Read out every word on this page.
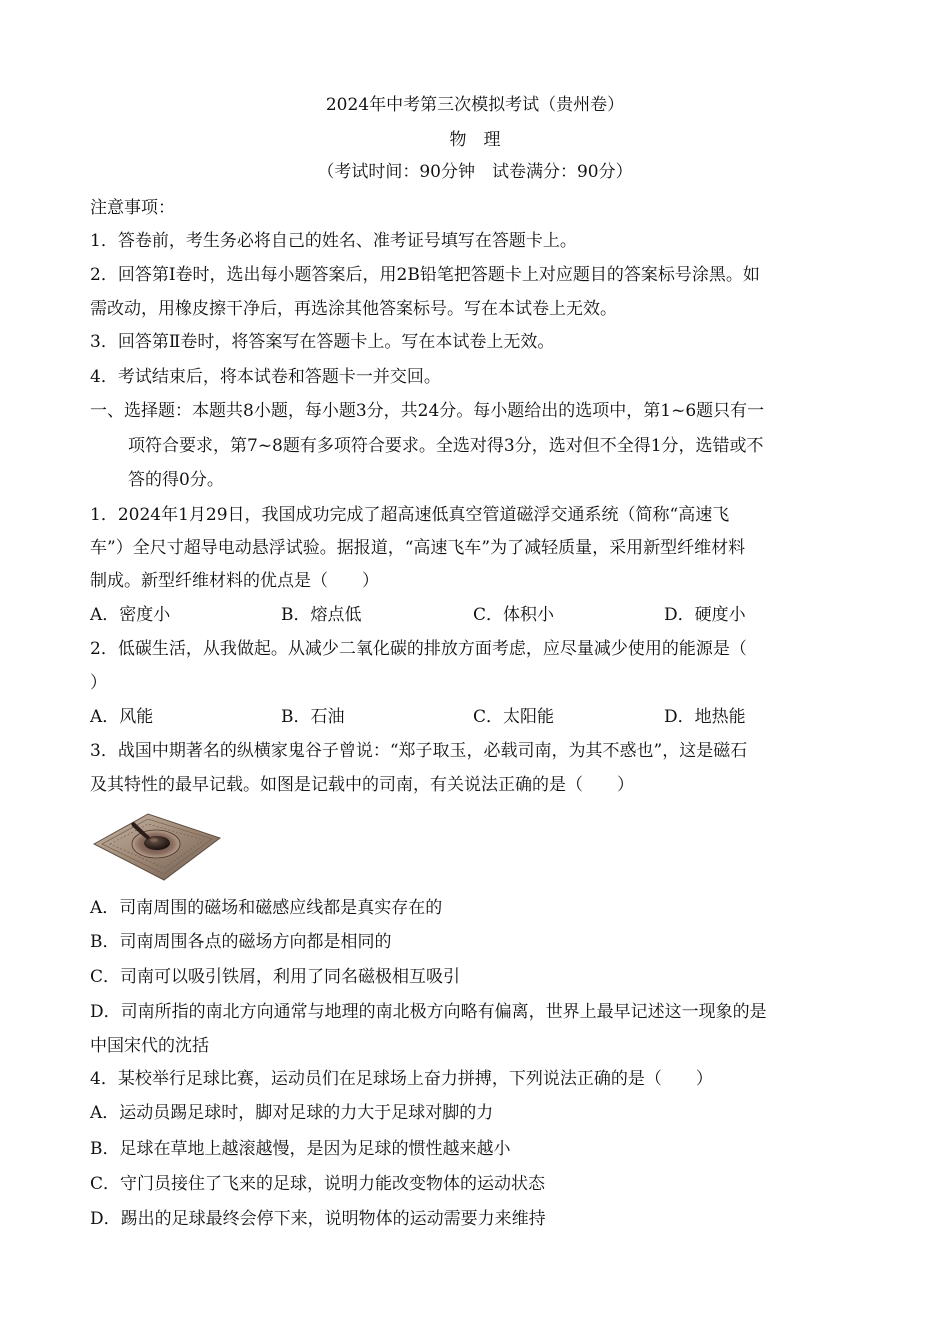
2024年中考第三次模拟考试（贵州卷）
物　理
（考试时间：90分钟　试卷满分：90分）
注意事项：
1．答卷前，考生务必将自己的姓名、准考证号填写在答题卡上。
2．回答第Ⅰ卷时，选出每小题答案后，用2B铅笔把答题卡上对应题目的答案标号涂黑。如
需改动，用橡皮擦干净后，再选涂其他答案标号。写在本试卷上无效。
3．回答第Ⅱ卷时，将答案写在答题卡上。写在本试卷上无效。
4．考试结束后，将本试卷和答题卡一并交回。
一、选择题：本题共8小题，每小题3分，共24分。每小题给出的选项中，第1~6题只有一
项符合要求，第7~8题有多项符合要求。全选对得3分，选对但不全得1分，选错或不
答的得0分。
1．2024年1月29日，我国成功完成了超高速低真空管道磁浮交通系统（简称“高速飞
车”）全尺寸超导电动悬浮试验。据报道，“高速飞车”为了减轻质量，采用新型纤维材料
制成。新型纤维材料的优点是（　　）
A．密度小	B．熔点低	C．体积小	D．硬度小
2．低碳生活，从我做起。从减少二氧化碳的排放方面考虑，应尽量减少使用的能源是（
）
A．风能	B．石油	C．太阳能	D．地热能
3．战国中期著名的纵横家鬼谷子曾说：“郑子取玉，必载司南，为其不惑也”，这是磁石
及其特性的最早记载。如图是记载中的司南，有关说法正确的是（　　）
A．司南周围的磁场和磁感应线都是真实存在的
B．司南周围各点的磁场方向都是相同的
C．司南可以吸引铁屑，利用了同名磁极相互吸引
D．司南所指的南北方向通常与地理的南北极方向略有偏离，世界上最早记述这一现象的是
中国宋代的沈括
4．某校举行足球比赛，运动员们在足球场上奋力拼搏，下列说法正确的是（　　）
A．运动员踢足球时，脚对足球的力大于足球对脚的力
B．足球在草地上越滚越慢，是因为足球的惯性越来越小
C．守门员接住了飞来的足球，说明力能改变物体的运动状态
D．踢出的足球最终会停下来，说明物体的运动需要力来维持
